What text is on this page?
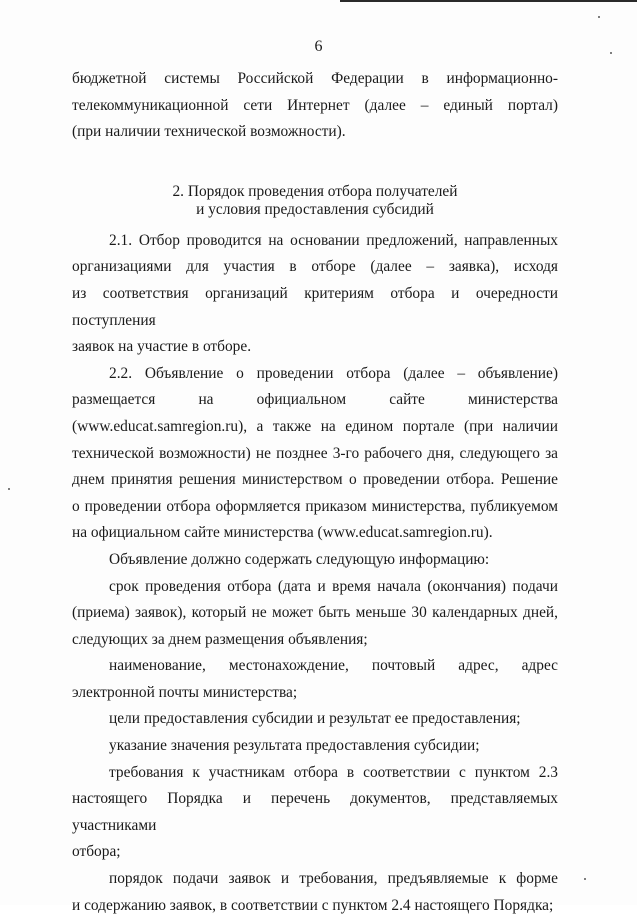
6

бюджетной системы Российской Федерации в информационно-

телекоммуникационной сети Интернет (далее – единый портал)

(при наличии технической возможности).

2. Порядок проведения отбора получателей
и условия предоставления субсидий

2.1. Отбор проводится на основании предложений, направленных

организациями для участия в отборе (далее – заявка), исходя

из соответствия организаций критериям отбора и очередности поступления

заявок на участие в отборе.

2.2. Объявление о проведении отбора (далее – объявление)

размещается на официальном сайте министерства

(www.educat.samregion.ru), а также на едином портале (при наличии

технической возможности) не позднее 3-го рабочего дня, следующего за

днем принятия решения министерством о проведении отбора. Решение

о проведении отбора оформляется приказом министерства, публикуемом

на официальном сайте министерства (www.educat.samregion.ru).

Объявление должно содержать следующую информацию:

срок проведения отбора (дата и время начала (окончания) подачи

(приема) заявок), который не может быть меньше 30 календарных дней,

следующих за днем размещения объявления;

наименование, местонахождение, почтовый адрес, адрес

электронной почты министерства;

цели предоставления субсидии и результат ее предоставления;

указание значения результата предоставления субсидии;

требования к участникам отбора в соответствии с пунктом 2.3

настоящего Порядка и перечень документов, представляемых участниками

отбора;

порядок подачи заявок и требования, предъявляемые к форме

и содержанию заявок, в соответствии с пунктом 2.4 настоящего Порядка;
